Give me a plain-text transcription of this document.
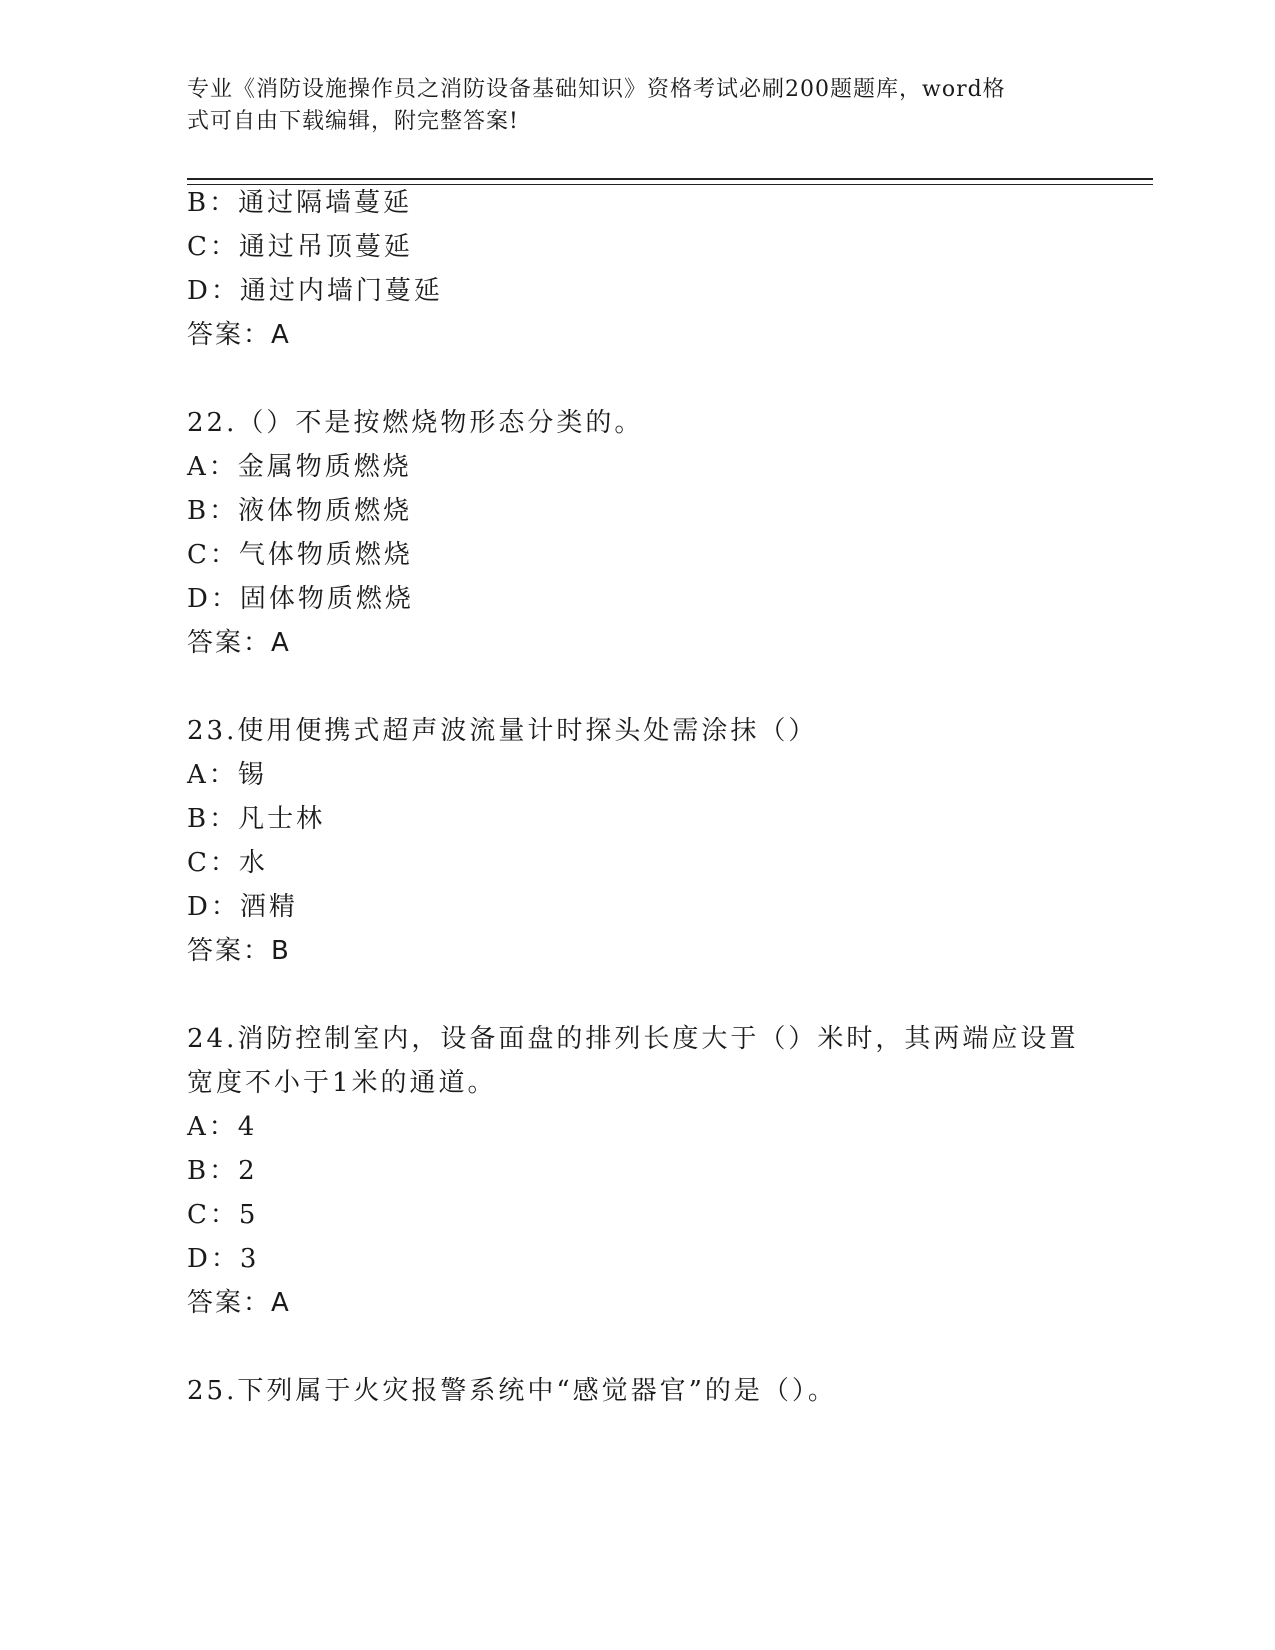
专业《消防设施操作员之消防设备基础知识》资格考试必刷200题题库，word格
式可自由下载编辑，附完整答案!
B：通过隔墙蔓延
C：通过吊顶蔓延
D：通过内墙门蔓延
答案：A
22.（）不是按燃烧物形态分类的。
A：金属物质燃烧
B：液体物质燃烧
C：气体物质燃烧
D：固体物质燃烧
答案：A
23.使用便携式超声波流量计时探头处需涂抹（）
A：锡
B：凡士林
C：水
D：酒精
答案：B
24.消防控制室内，设备面盘的排列长度大于（）米时，其两端应设置
宽度不小于1米的通道。
A：4
B：2
C：5
D：3
答案：A
25.下列属于火灾报警系统中“感觉器官”的是（）。
